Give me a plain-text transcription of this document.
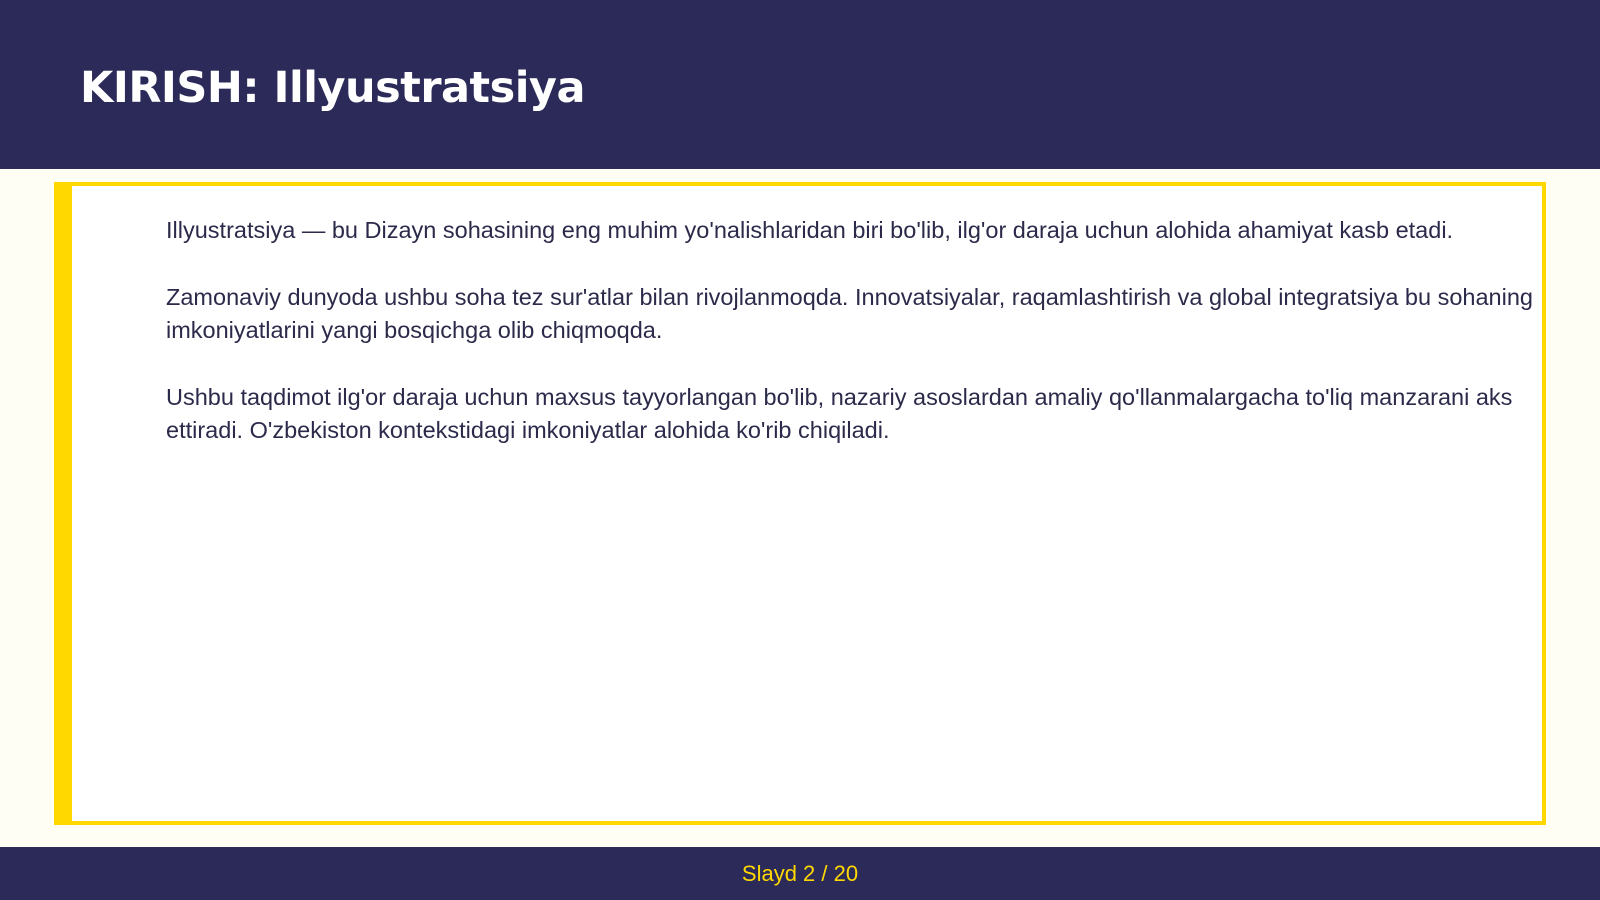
KIRISH: Illyustratsiya

Illyustratsiya — bu Dizayn sohasining eng muhim yo'nalishlaridan biri bo'lib, ilg'or daraja uchun alohida ahamiyat kasb etadi.

Zamonaviy dunyoda ushbu soha tez sur'atlar bilan rivojlanmoqda. Innovatsiyalar, raqamlashtirish va global integratsiya bu sohaning imkoniyatlarini yangi bosqichga olib chiqmoqda.

Ushbu taqdimot ilg'or daraja uchun maxsus tayyorlangan bo'lib, nazariy asoslardan amaliy qo'llanmalargacha to'liq manzarani aks ettiradi. O'zbekiston kontekstidagi imkoniyatlar alohida ko'rib chiqiladi.

Slayd 2 / 20
